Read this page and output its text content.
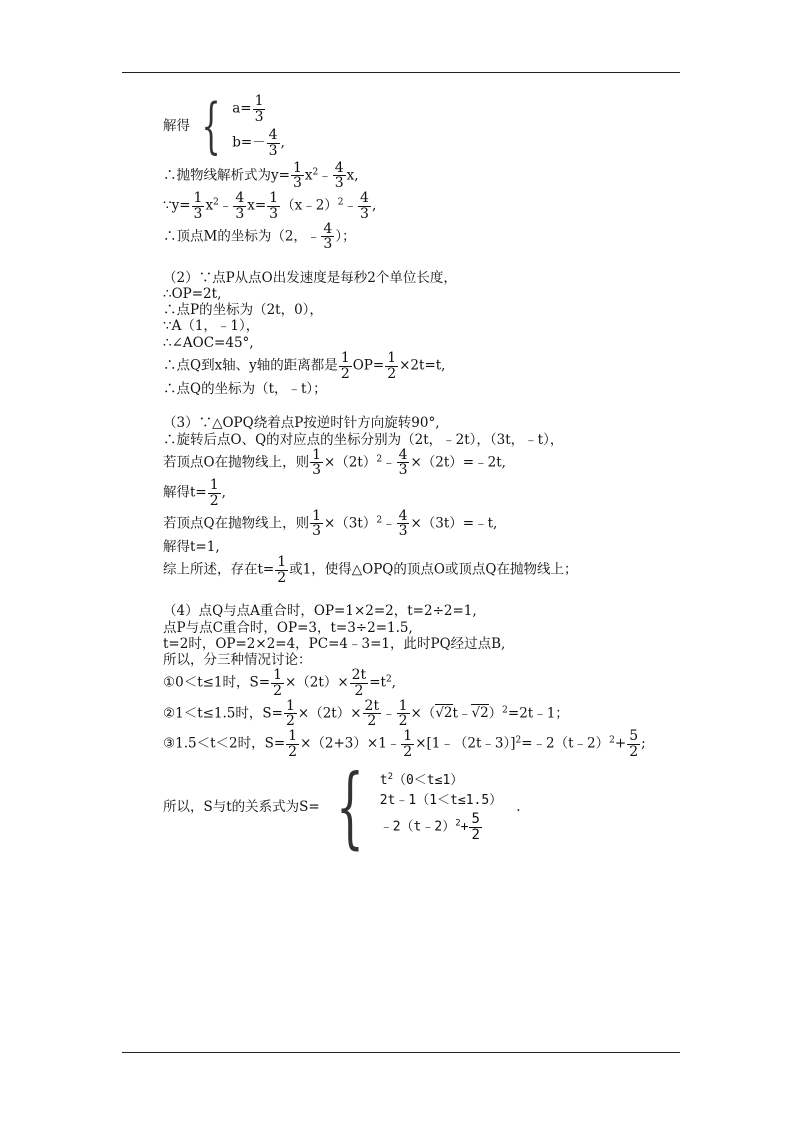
解得 { $a= \frac{1}{3}$
$b=- \frac{4}{3}$ ,

∴抛物线解析式为$y= \frac{1}{3}$ $x^2﹣ \frac{4}{3} x$,

∵y= $\frac{1}{3}$ $x^2﹣ \frac{4}{3} x= \frac{1}{3}$ （x﹣2）$^2$﹣ $\frac{4}{3}$ ,

∴顶点M的坐标为（2，﹣ $\frac{4}{3}$ ）；

（2）∵点P从点O出发速度是每秒2个单位长度，

∴OP=2t,

∴点P的坐标为（2t，0），

∵A（1，﹣1），

∴∠AOC=45°,

∴点Q到x轴、y轴的距离都是 $\frac{1}{2} OP= \frac{1}{2} \times 2t=t$,

∴点Q的坐标为（t，﹣t）；

（3）∵△OPQ绕着点P按逆时针方向旋转90°,

∴旋转后点O、Q的对应点的坐标分别为（2t，﹣2t），（3t，﹣t），

若顶点O在抛物线上，则 $\frac{1}{3}$ $\times(2t)^2﹣ \frac{4}{3}$ ×（2t）=﹣2t,

解得$t= \frac{1}{2}$ ,

若顶点Q在抛物线上，则 $\frac{1}{3}$ $\times(3t)^2﹣ \frac{4}{3}$ ×（3t）=﹣t,

解得t=1,

综上所述，存在$t= \frac{1}{2}$ 或1，使得△OPQ的顶点O或顶点Q在抛物线上；

（4）点Q与点A重合时，OP=1×2=2，t=2÷2=1,

点P与点C重合时，OP=3，t=3÷2=1.5,

t=2时，OP=2×2=4，PC=4﹣3=1，此时PQ经过点B,

所以，分三种情况讨论：

①0＜t≤1时，$S= \frac{1}{2} \times(2t)\times \frac{2t}{2} =t^2$,

②1＜t≤1.5时，$S= \frac{1}{2} \times(2t)\times \frac{2t}{2}$ ﹣ $\frac{1}{2}$ ×（ √ 2t﹣ √ 2）$^2$=2t﹣1；

③1.5＜t＜2时，$S= \frac{1}{2}$ ×（2+3）×1﹣ $\frac{1}{2}$ ×[1﹣（2t﹣3）]$^2$=﹣2（t﹣2）$^2$+ $\frac{5}{2}$ ;

所以，S与t的关系式为S= { $t^2(0<t\le 1)$
2t﹣1（1＜t≤1.5）
﹣2（t﹣2）$^2$+ $\frac{5}{2}$
.
